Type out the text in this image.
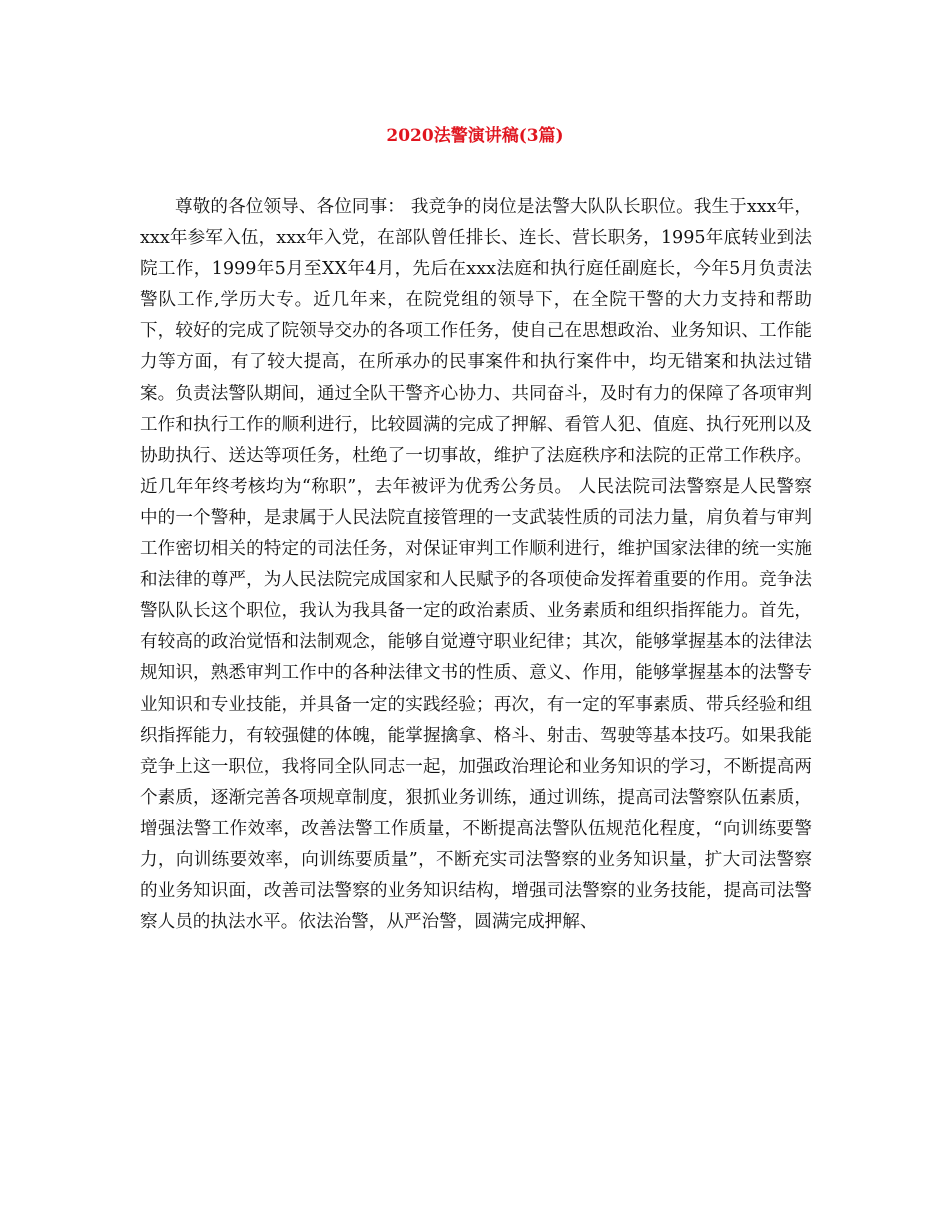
2020法警演讲稿(3篇)

尊敬的各位领导、各位同事： 我竞争的岗位是法警大队队长职位。我生于xxx年，xxx年参军入伍，xxx年入党，在部队曾任排长、连长、营长职务，1995年底转业到法院工作，1999年5月至XX年4月，先后在xxx法庭和执行庭任副庭长，今年5月负责法警队工作,学历大专。近几年来，在院党组的领导下，在全院干警的大力支持和帮助下，较好的完成了院领导交办的各项工作任务，使自己在思想政治、业务知识、工作能力等方面，有了较大提高，在所承办的民事案件和执行案件中，均无错案和执法过错案。负责法警队期间，通过全队干警齐心协力、共同奋斗，及时有力的保障了各项审判工作和执行工作的顺利进行，比较圆满的完成了押解、看管人犯、值庭、执行死刑以及协助执行、送达等项任务，杜绝了一切事故，维护了法庭秩序和法院的正常工作秩序。近几年年终考核均为“称职”，去年被评为优秀公务员。 人民法院司法警察是人民警察中的一个警种，是隶属于人民法院直接管理的一支武装性质的司法力量，肩负着与审判工作密切相关的特定的司法任务，对保证审判工作顺利进行，维护国家法律的统一实施和法律的尊严，为人民法院完成国家和人民赋予的各项使命发挥着重要的作用。竞争法警队队长这个职位，我认为我具备一定的政治素质、业务素质和组织指挥能力。首先，有较高的政治觉悟和法制观念，能够自觉遵守职业纪律；其次，能够掌握基本的法律法规知识，熟悉审判工作中的各种法律文书的性质、意义、作用，能够掌握基本的法警专业知识和专业技能，并具备一定的实践经验；再次，有一定的军事素质、带兵经验和组织指挥能力，有较强健的体魄，能掌握擒拿、格斗、射击、驾驶等基本技巧。如果我能竞争上这一职位，我将同全队同志一起，加强政治理论和业务知识的学习，不断提高两个素质，逐渐完善各项规章制度，狠抓业务训练，通过训练，提高司法警察队伍素质，增强法警工作效率，改善法警工作质量，不断提高法警队伍规范化程度，“向训练要警力，向训练要效率，向训练要质量”，不断充实司法警察的业务知识量，扩大司法警察的业务知识面，改善司法警察的业务知识结构，增强司法警察的业务技能，提高司法警察人员的执法水平。依法治警，从严治警，圆满完成押解、
